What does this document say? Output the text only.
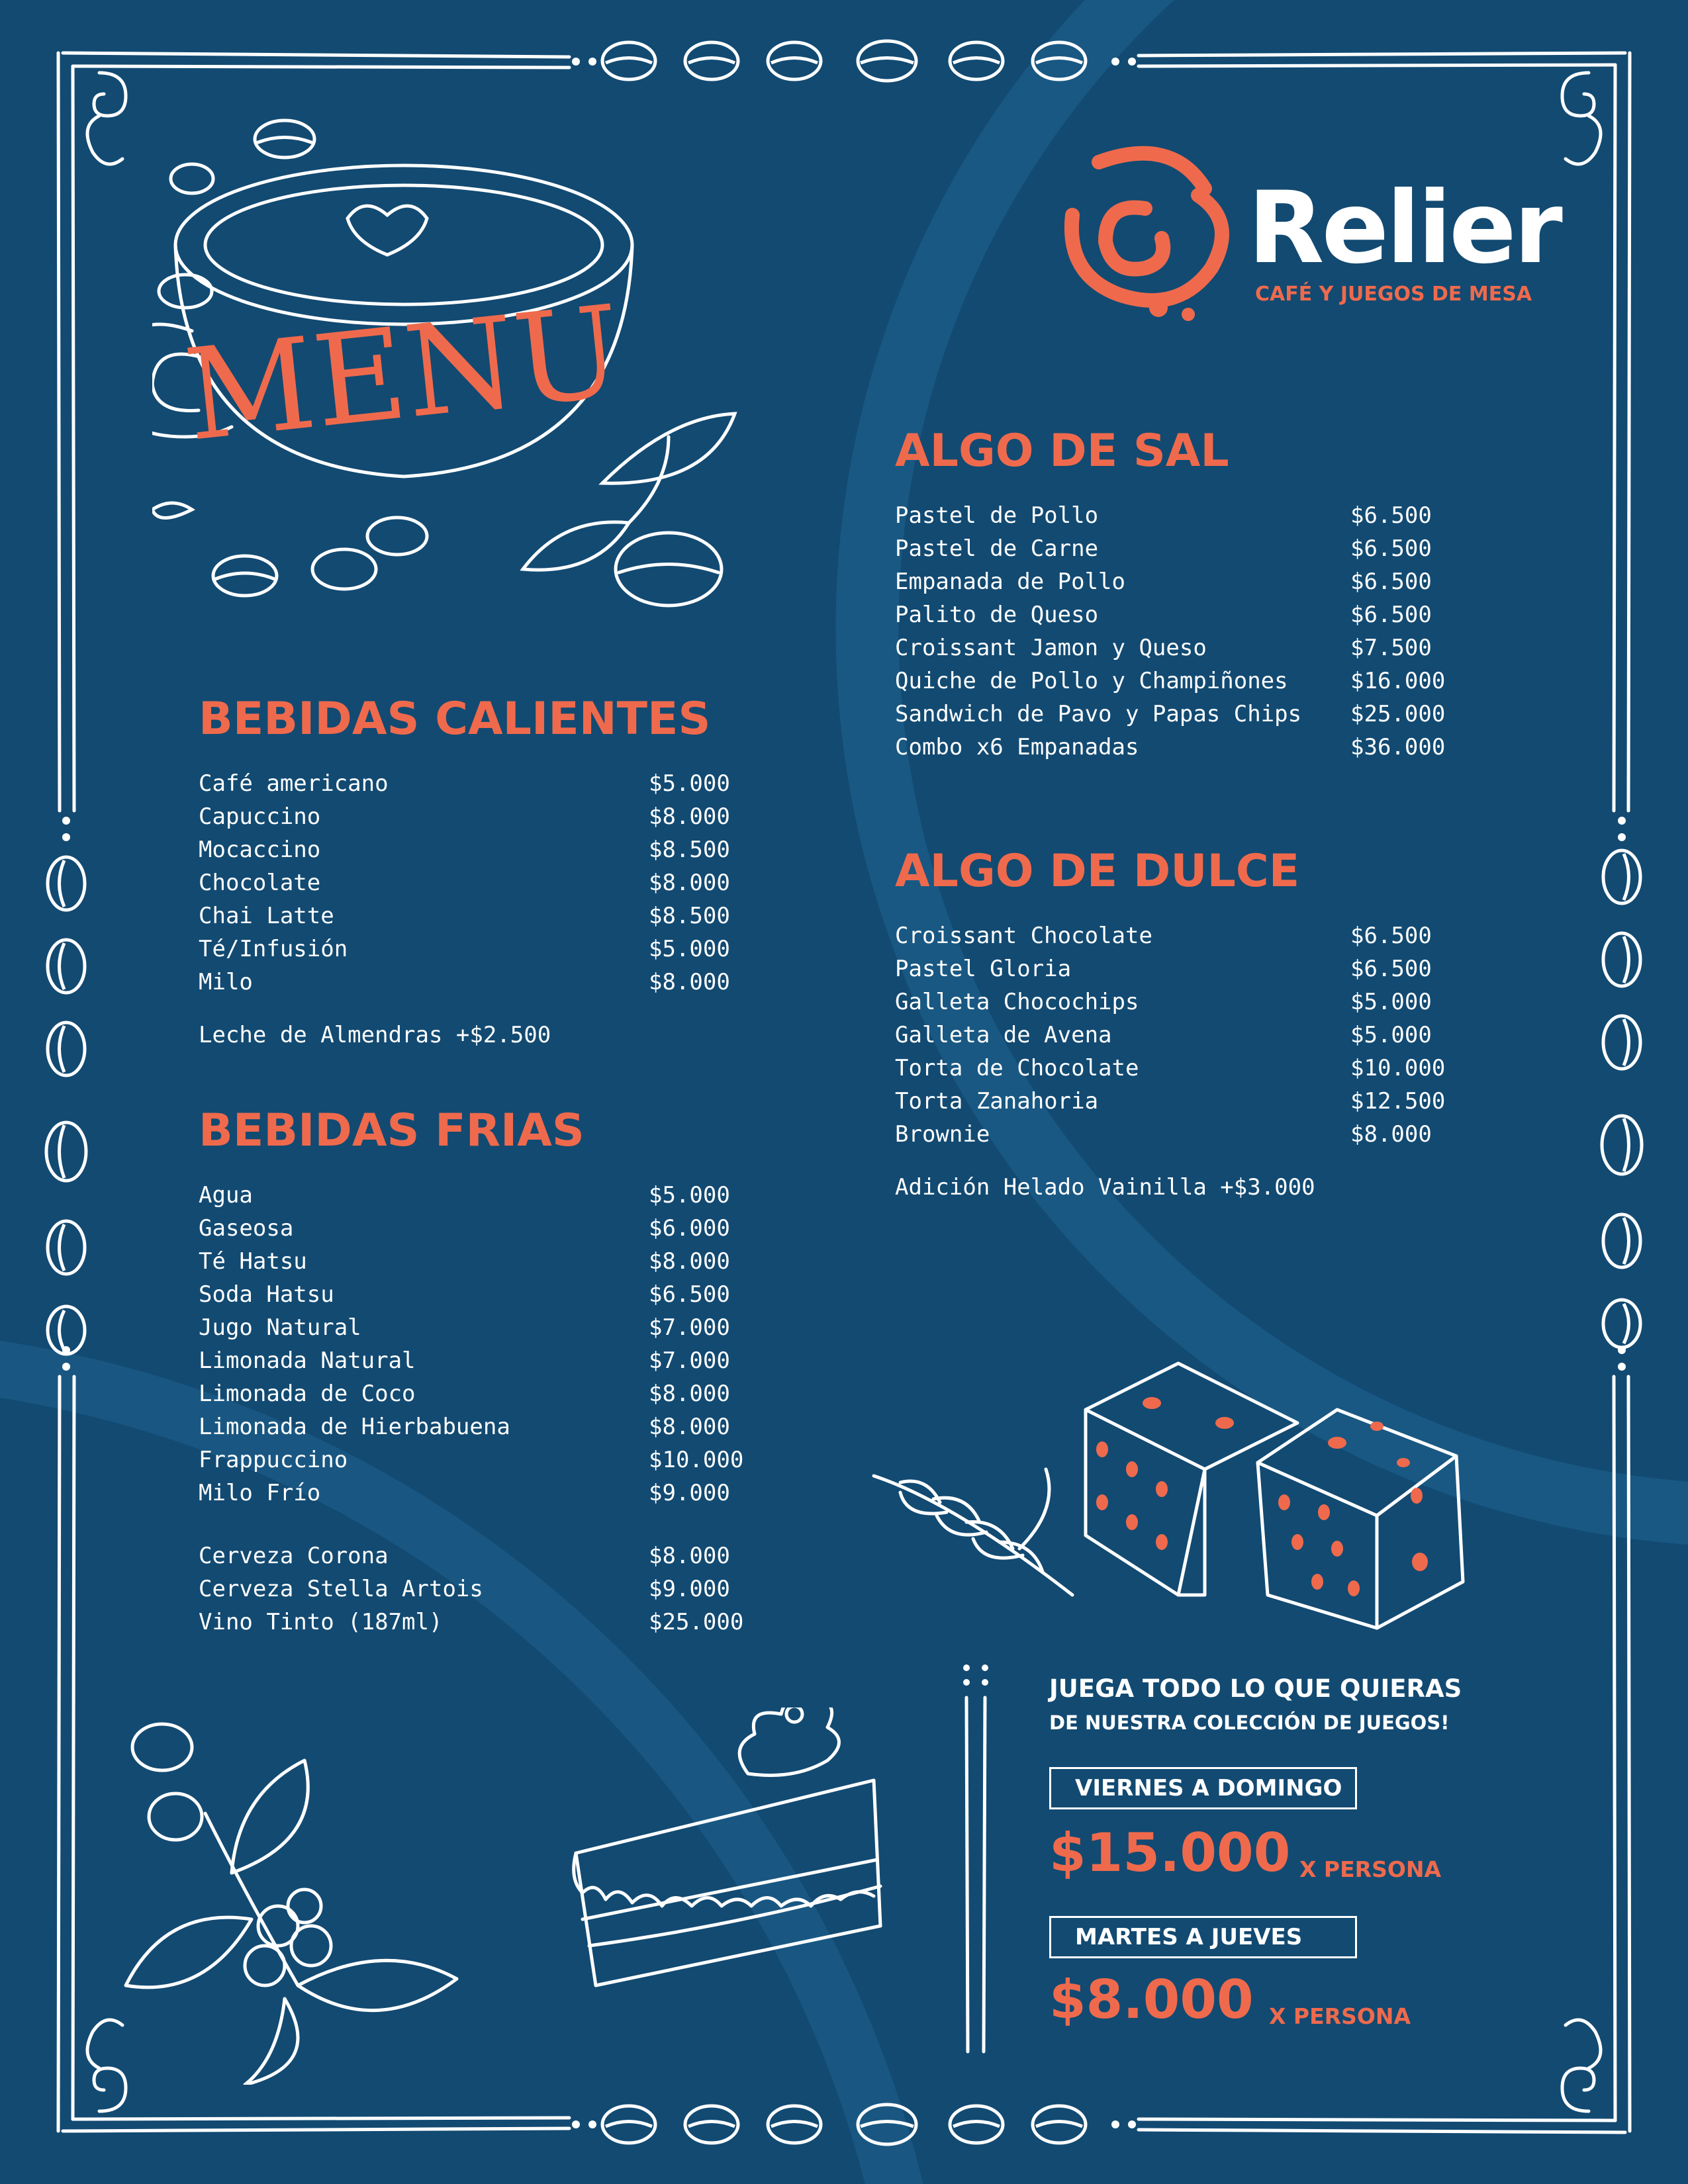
MENU
Relier
CAFÉ Y JUEGOS DE MESA
BEBIDAS CALIENTES
Café americano	$5.000
Capuccino	$8.000
Mocaccino	$8.500
Chocolate	$8.000
Chai Latte	$8.500
Té/Infusión	$5.000
Milo	$8.000
Leche de Almendras +$2.500
BEBIDAS FRIAS
Agua	$5.000
Gaseosa	$6.000
Té Hatsu	$8.000
Soda Hatsu	$6.500
Jugo Natural	$7.000
Limonada Natural	$7.000
Limonada de Coco	$8.000
Limonada de Hierbabuena	$8.000
Frappuccino	$10.000
Milo Frío	$9.000
Cerveza Corona	$8.000
Cerveza Stella Artois	$9.000
Vino Tinto (187ml)	$25.000
ALGO DE SAL
Pastel de Pollo	$6.500
Pastel de Carne	$6.500
Empanada de Pollo	$6.500
Palito de Queso	$6.500
Croissant Jamon y Queso	$7.500
Quiche de Pollo y Champiñones	$16.000
Sandwich de Pavo y Papas Chips $25.000
Combo x6 Empanadas	$36.000
ALGO DE DULCE
Croissant Chocolate	$6.500
Pastel Gloria	$6.500
Galleta Chocochips	$5.000
Galleta de Avena	$5.000
Torta de Chocolate	$10.000
Torta Zanahoria	$12.500
Brownie	$8.000
Adición Helado Vainilla +$3.000
JUEGA TODO LO QUE QUIERAS
DE NUESTRA COLECCIÓN DE JUEGOS!
VIERNES A DOMINGO
$15.000 X PERSONA
MARTES A JUEVES
$8.000 X PERSONA
